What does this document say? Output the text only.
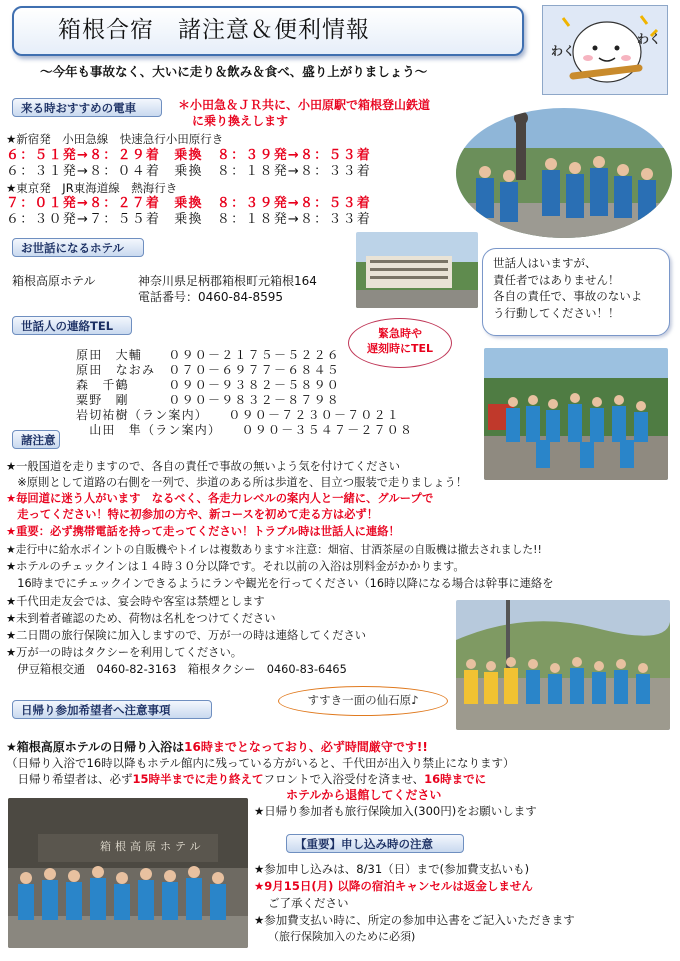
箱根合宿　諸注意＆便利情報
～今年も事故なく、大いに走り＆飲み＆食べ、盛り上がりましょう～
わく
わく
来る時おすすめの電車	＊小田急＆ＪＲ共に、小田原駅で箱根登山鉄道
に乗り換えします
★新宿発　小田急線　快速急行小田原行き
６：５１発→８：２９着　乗換　８：３９発→８：５３着
６：３１発→８：０４着　乗換　８：１８発→８：３３着
★東京発　JR東海道線　熱海行き
７：０１発→８：２７着　乗換　８：３９発→８：５３着
６：３０発→７：５５着　乗換　８：１８発→８：３３着
お世話になるホテル
箱根高原ホテル	神奈川県足柄郡箱根町元箱根164
電話番号：0460-84-8595
世話人はいますが、
責任者ではありません！
各自の責任で、事故のないよ
う行動してください！！
世話人の連絡TEL
緊急時や
遅刻時にTEL
原田　大輔　　０９０－２１７５－５２２６
原田　なおみ　０７０－６９７７－６８４５
森　千鶴　　　０９０－９３８２－５８９０
粟野　剛　　　０９０－９８３２－８７９８
岩切祐樹（ラン案内）　　０９０－７２３０－７０２１
　山田　隼（ラン案内）　　０９０－３５４７－２７０８
諸注意
★一般国道を走りますので、各自の責任で事故の無いよう気を付けてください
　※原則として道路の右側を一列で、歩道のある所は歩道を、目立つ服装で走りましょう！
★毎回道に迷う人がいます　なるべく、各走力レベルの案内人と一緒に、グループで
　走ってください！特に初参加の方や、新コースを初めて走る方は必ず！
★重要：必ず携帯電話を持って走ってください！トラブル時は世話人に連絡！
★走行中に給水ポイントの自販機やトイレは複数あります＊注意：畑宿、甘酒茶屋の自販機は撤去されました!!
★ホテルのチェックインは１４時３０分以降です。それ以前の入浴は別料金がかかります。
　16時までにチェックインできるようにランや観光を行ってください（16時以降になる場合は幹事に連絡を
★千代田走友会では、宴会時や客室は禁煙とします
★未到着者確認のため、荷物は名札をつけてください
★二日間の旅行保険に加入しますので、万が一の時は連絡してください
★万が一の時はタクシーを利用してください。
　伊豆箱根交通　0460-82-3163　箱根タクシー　0460-83-6465
すすき一面の仙石原♪
日帰り参加希望者へ注意事項
★箱根高原ホテルの日帰り入浴は16時までとなっており、必ず時間厳守です!!
（日帰り入浴で16時以降もホテル館内に残っている方がいると、千代田が出入り禁止になります）
　日帰り希望者は、必ず15時半までに走り終えてフロントで入浴受付を済ませ、16時までに
ホテルから退館してください
★日帰り参加者も旅行保険加入(300円)をお願いします
箱根高原ホテル	【重要】申し込み時の注意
★参加申し込みは、8/31（日）まで(参加費支払いも)
★9月15日(月) 以降の宿泊キャンセルは返金しません
ご了承ください
★参加費支払い時に、所定の参加申込書をご記入いただきます
（旅行保険加入のために必須)
